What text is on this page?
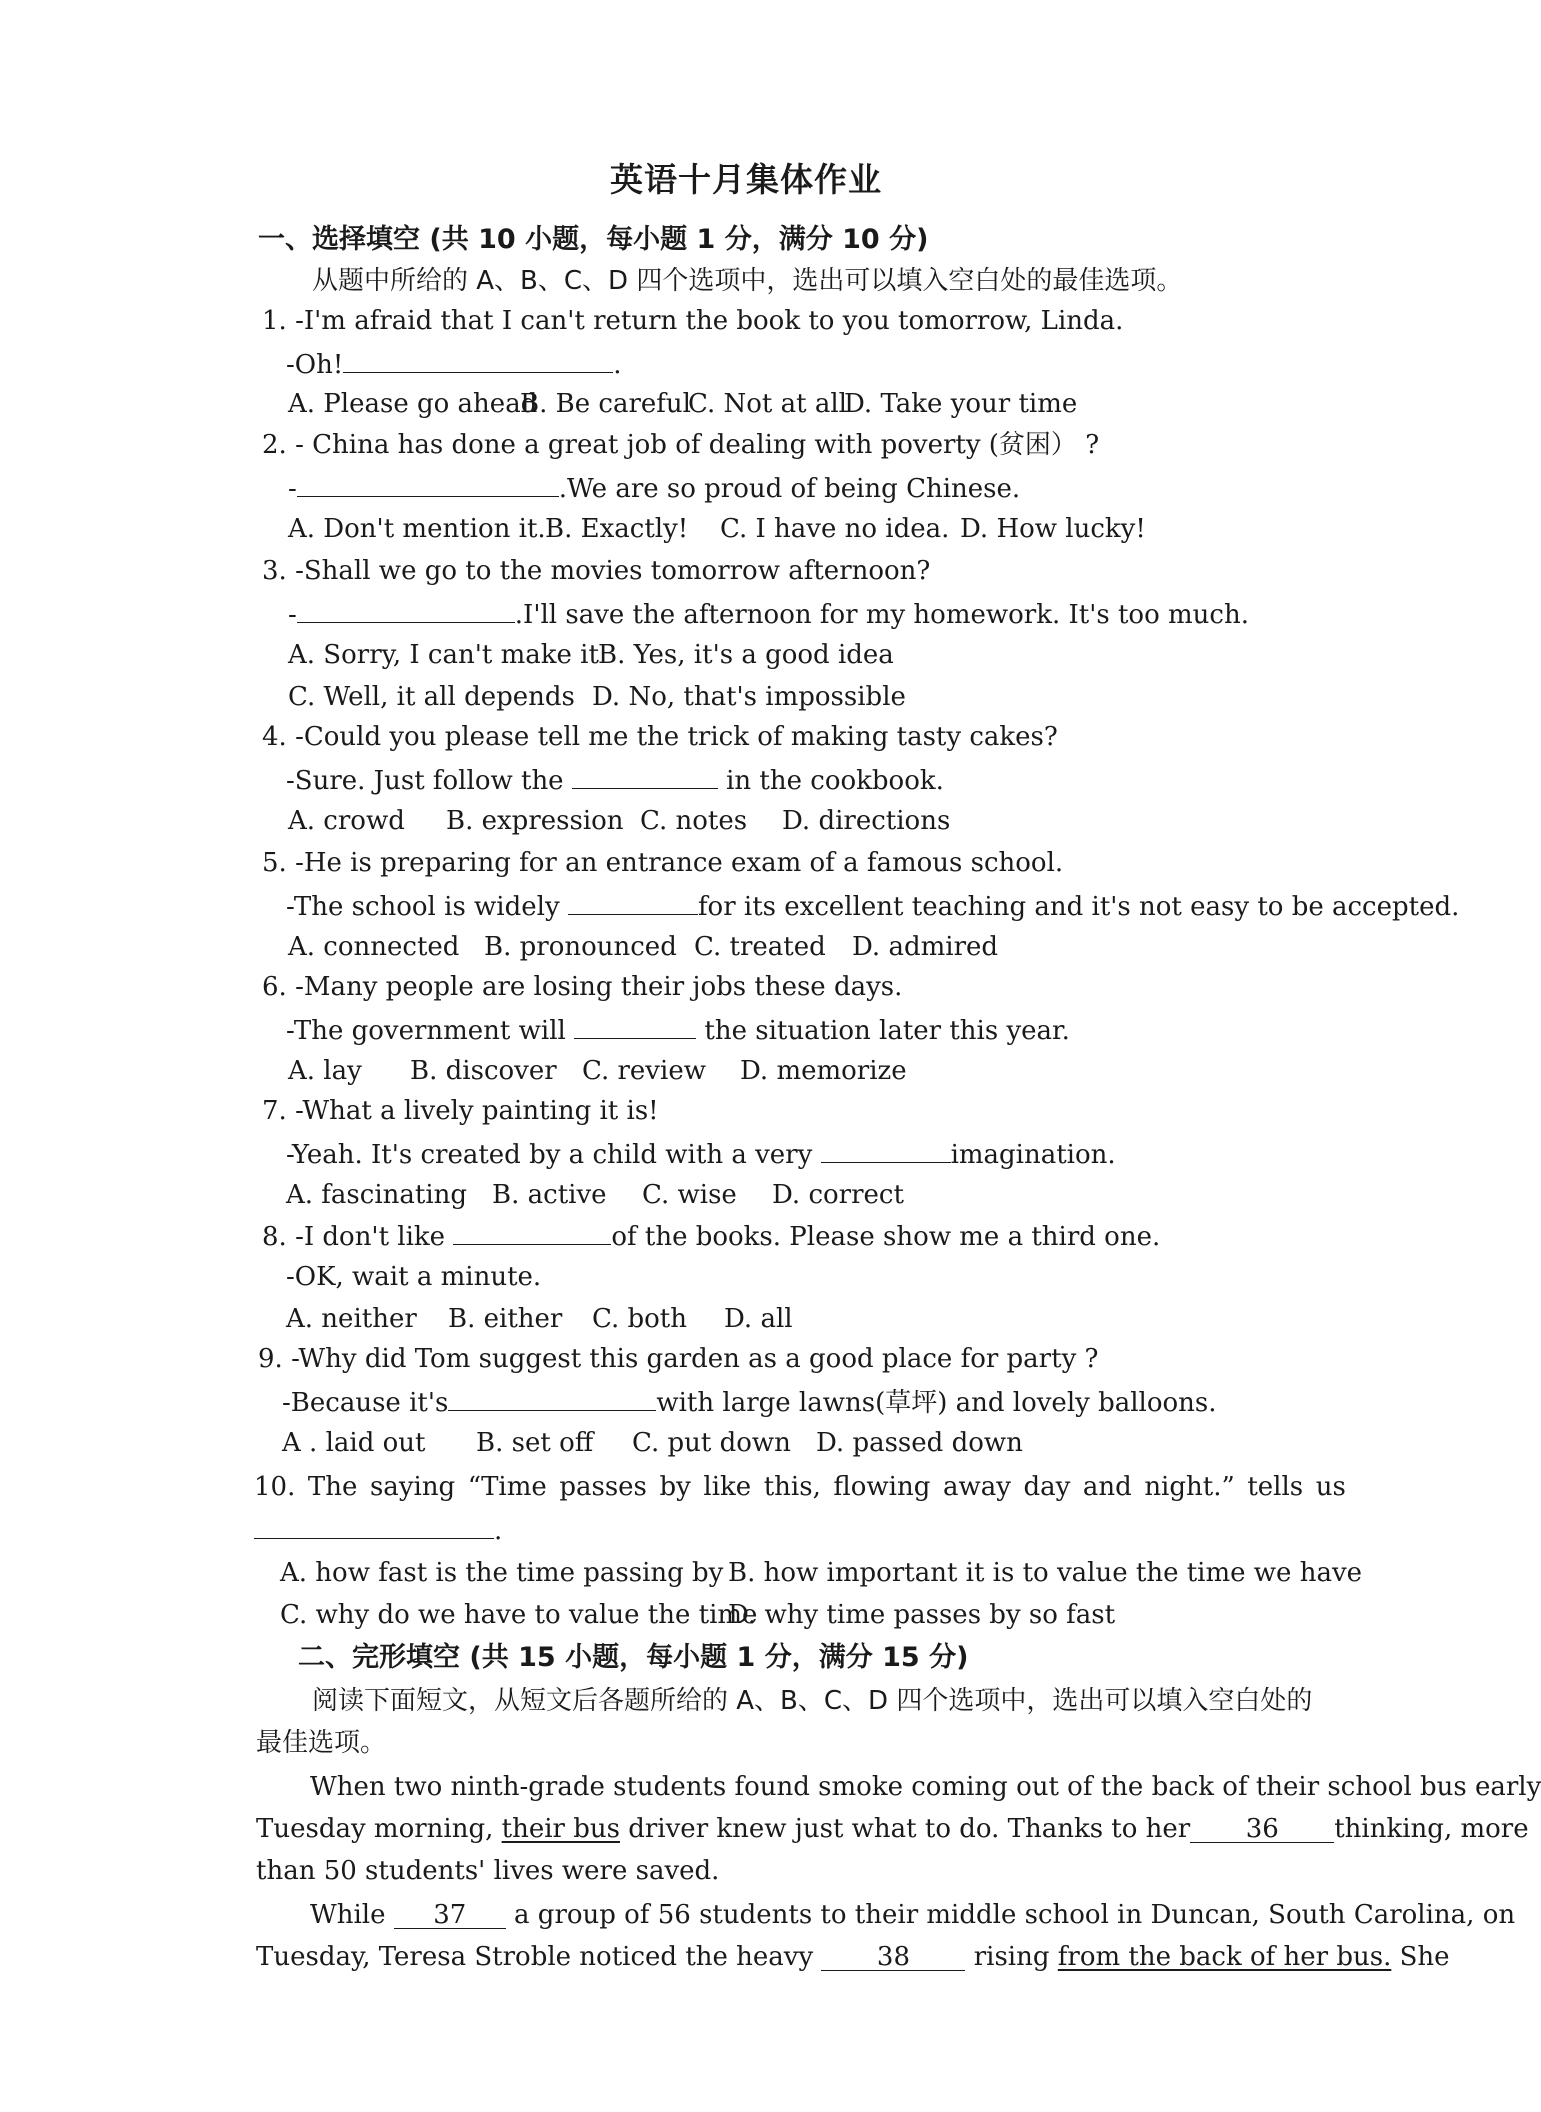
英语十月集体作业
一、选择填空 (共 10 小题，每小题 1 分，满分 10 分)
从题中所给的 A、B、C、D 四个选项中，选出可以填入空白处的最佳选项。
1. -I'm afraid that I can't return the book to you tomorrow, Linda.
-Oh!	.
A. Please go ahead
B. Be careful
C. Not at all
D. Take your time
2. - China has done a great job of dealing with poverty (贫困） ?
-	.We are so proud of being Chinese.
A. Don't mention it. B. Exactly! C. I have no idea. D. How lucky!
3. -Shall we go to the movies tomorrow afternoon?
-	.I'll save the afternoon for my homework. It's too much.
A. Sorry, I can't make it B. Yes, it's a good idea
C. Well, it all depends D. No, that's impossible
4. -Could you please tell me the trick of making tasty cakes?
-Sure. Just follow the	in the cookbook.
A. crowd B. expression C. notes D. directions
5. -He is preparing for an entrance exam of a famous school.
-The school is widely	for its excellent teaching and it's not easy to be accepted.
A. connected B. pronounced C. treated D. admired
6. -Many people are losing their jobs these days.
-The government will	the situation later this year.
A. lay B. discover C. review D. memorize
7. -What a lively painting it is!
-Yeah. It's created by a child with a very	imagination.
A. fascinating B. active C. wise D. correct
8. -I don't like	of the books. Please show me a third one.
-OK, wait a minute.
A. neither B. either C. both D. all
9. -Why did Tom suggest this garden as a good place for party ?
-Because it's	with large lawns(草坪) and lovely balloons.
A . laid out B. set off C. put down D. passed down
10. The saying “Time passes by like this, flowing away day and night.” tells us
.
A. how fast is the time passing by B. how important it is to value the time we have
C. why do we have to value the time
D. why time passes by so fast
二、完形填空 (共 15 小题，每小题 1 分，满分 15 分)
阅读下面短文，从短文后各题所给的 A、B、C、D 四个选项中，选出可以填入空白处的
最佳选项。
When two ninth-grade students found smoke coming out of the back of their school bus early
Tuesday morning, their bus driver knew just what to do. Thanks to her 36 thinking, more
than 50 students' lives were saved.
While 37 a group of 56 students to their middle school in Duncan, South Carolina, on
Tuesday, Teresa Stroble noticed the heavy 38 rising from the back of her bus. She
